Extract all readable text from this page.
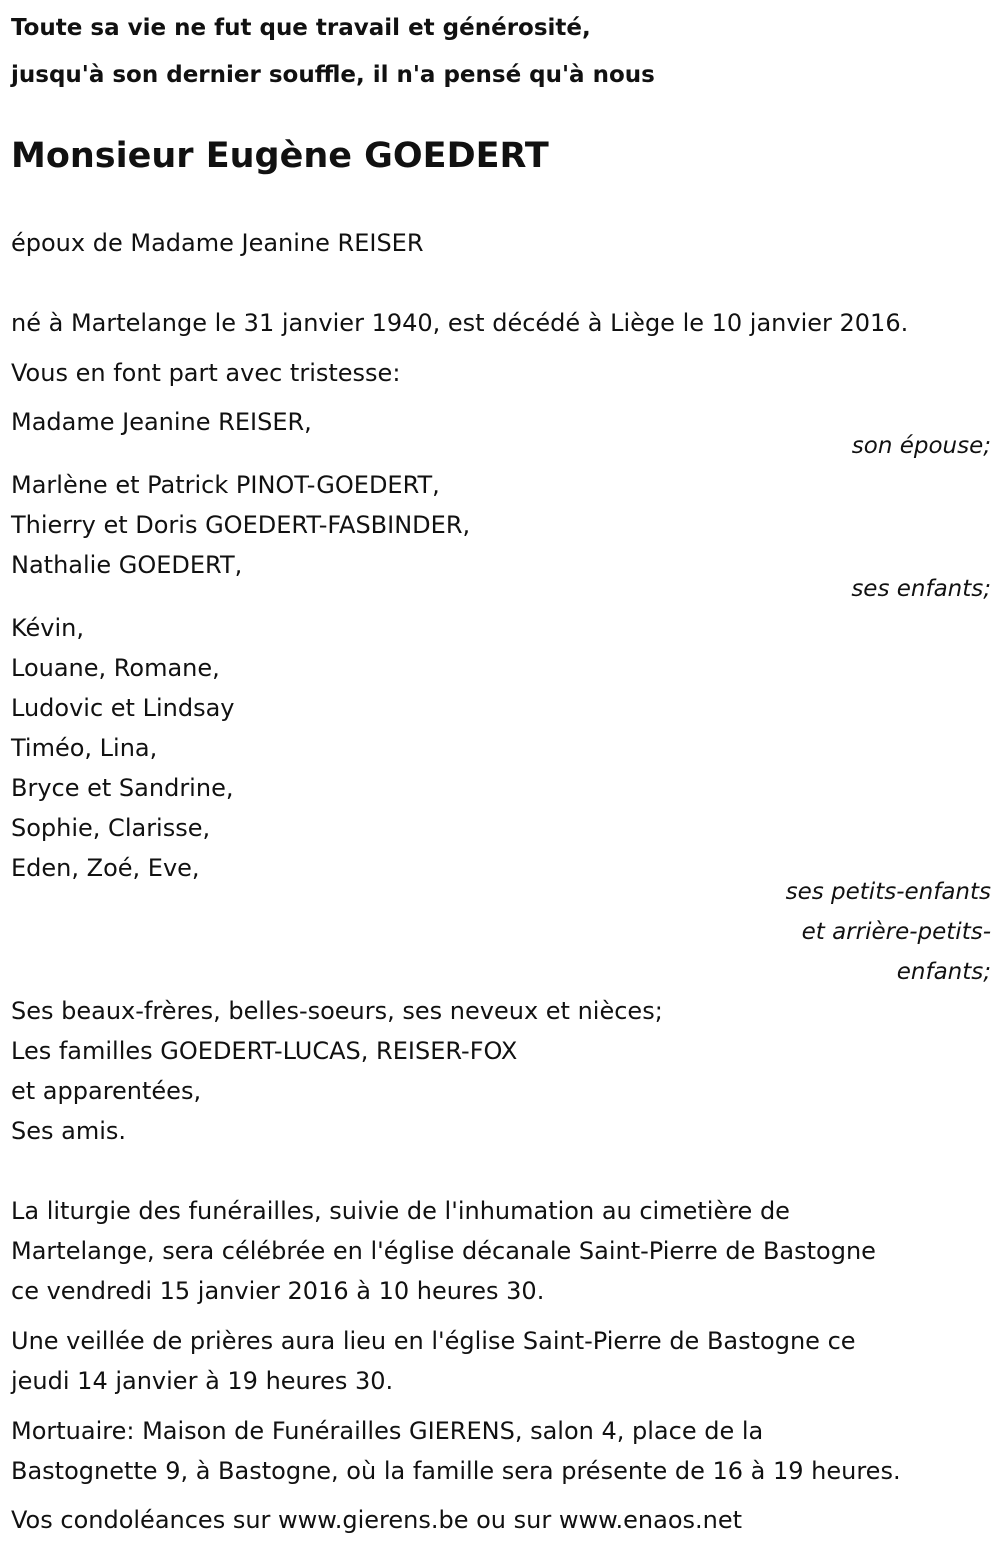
Toute sa vie ne fut que travail et générosité,
jusqu'à son dernier souffle, il n'a pensé qu'à nous
Monsieur Eugène GOEDERT
époux de Madame Jeanine REISER
né à Martelange le 31 janvier 1940, est décédé à Liège le 10 janvier 2016.
Vous en font part avec tristesse:
Madame Jeanine REISER,
son épouse;
Marlène et Patrick PINOT-GOEDERT,
Thierry et Doris GOEDERT-FASBINDER,
Nathalie GOEDERT,
ses enfants;
Kévin,
Louane, Romane,
Ludovic et Lindsay
Timéo, Lina,
Bryce et Sandrine,
Sophie, Clarisse,
Eden, Zoé, Eve,
ses petits-enfants
et arrière-petits-
enfants;
Ses beaux-frères, belles-soeurs, ses neveux et nièces;
Les familles GOEDERT-LUCAS, REISER-FOX
et apparentées,
Ses amis.
La liturgie des funérailles, suivie de l'inhumation au cimetière de
Martelange, sera célébrée en l'église décanale Saint-Pierre de Bastogne
ce vendredi 15 janvier 2016 à 10 heures 30.
Une veillée de prières aura lieu en l'église Saint-Pierre de Bastogne ce
jeudi 14 janvier à 19 heures 30.
Mortuaire: Maison de Funérailles GIERENS, salon 4, place de la
Bastognette 9, à Bastogne, où la famille sera présente de 16 à 19 heures.
Vos condoléances sur www.gierens.be ou sur www.enaos.net
